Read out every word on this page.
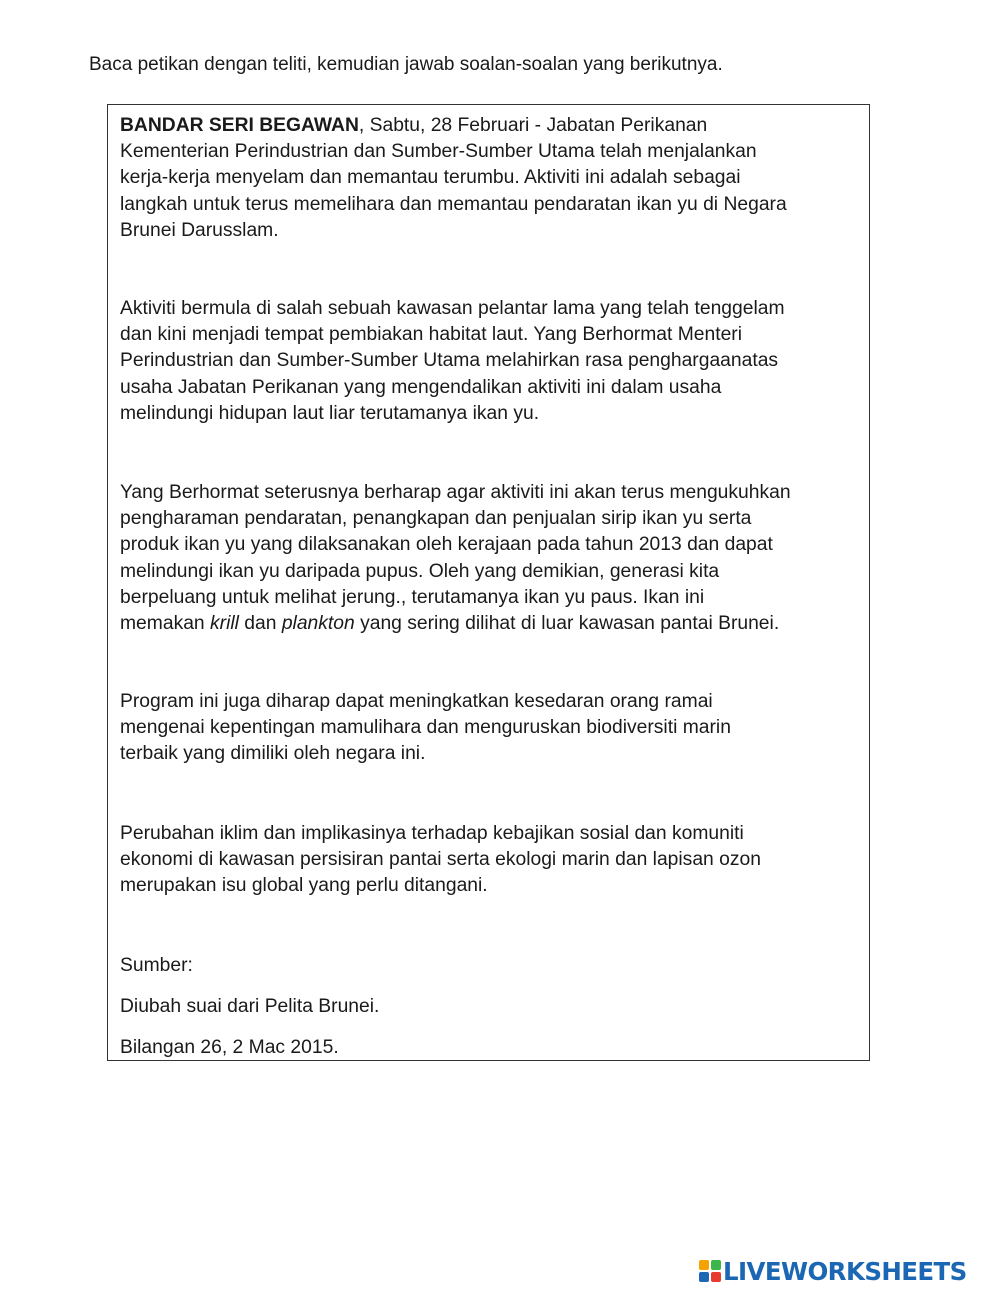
Baca petikan dengan teliti, kemudian jawab soalan-soalan yang berikutnya.

BANDAR SERI BEGAWAN, Sabtu, 28 Februari - Jabatan Perikanan
Kementerian Perindustrian dan Sumber-Sumber Utama telah menjalankan
kerja-kerja menyelam dan memantau terumbu. Aktiviti ini adalah sebagai
langkah untuk terus memelihara dan memantau pendaratan ikan yu di Negara
Brunei Darusslam.

Aktiviti bermula di salah sebuah kawasan pelantar lama yang telah tenggelam
dan kini menjadi tempat pembiakan habitat laut. Yang Berhormat Menteri
Perindustrian dan Sumber-Sumber Utama melahirkan rasa penghargaanatas
usaha Jabatan Perikanan yang mengendalikan aktiviti ini dalam usaha
melindungi hidupan laut liar terutamanya ikan yu.

Yang Berhormat seterusnya berharap agar aktiviti ini akan terus mengukuhkan
pengharaman pendaratan, penangkapan dan penjualan sirip ikan yu serta
produk ikan yu yang dilaksanakan oleh kerajaan pada tahun 2013 dan dapat
melindungi ikan yu daripada pupus. Oleh yang demikian, generasi kita
berpeluang untuk melihat jerung., terutamanya ikan yu paus. Ikan ini
memakan krill dan plankton yang sering dilihat di luar kawasan pantai Brunei.

Program ini juga diharap dapat meningkatkan kesedaran orang ramai
mengenai kepentingan mamulihara dan menguruskan biodiversiti marin
terbaik yang dimiliki oleh negara ini.

Perubahan iklim dan implikasinya terhadap kebajikan sosial dan komuniti
ekonomi di kawasan persisiran pantai serta ekologi marin dan lapisan ozon
merupakan isu global yang perlu ditangani.

Sumber:

Diubah suai dari Pelita Brunei.

Bilangan 26, 2 Mac 2015.

LIVEWORKSHEETS
